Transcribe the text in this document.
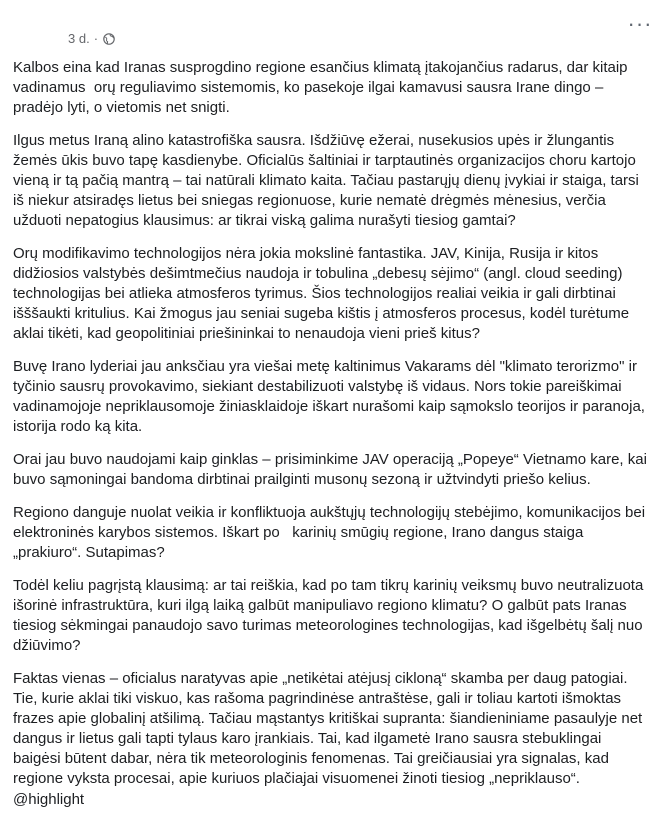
3 d. ·
···

Kalbos eina kad Iranas susprogdino regione esančius klimatą įtakojančius radarus, dar kitaip vadinamus  orų reguliavimo sistemomis, ko pasekoje ilgai kamavusi sausra Irane dingo – pradėjo lyti, o vietomis net snigti.

Ilgus metus Iraną alino katastrofiška sausra. Išdžiūvę ežerai, nusekusios upės ir žlungantis žemės ūkis buvo tapę kasdienybe. Oficialūs šaltiniai ir tarptautinės organizacijos choru kartojo vieną ir tą pačią mantrą – tai natūrali klimato kaita. Tačiau pastarųjų dienų įvykiai ir staiga, tarsi iš niekur atsiradęs lietus bei sniegas regionuose, kurie nematė drėgmės mėnesius, verčia užduoti nepatogius klausimus: ar tikrai viską galima nurašyti tiesiog gamtai?

Orų modifikavimo technologijos nėra jokia mokslinė fantastika. JAV, Kinija, Rusija ir kitos didžiosios valstybės dešimtmečius naudoja ir tobulina „debesų sėjimo“ (angl. cloud seeding) technologijas bei atlieka atmosferos tyrimus. Šios technologijos realiai veikia ir gali dirbtinai išššaukti kritulius. Kai žmogus jau seniai sugeba kištis į atmosferos procesus, kodėl turėtume aklai tikėti, kad geopolitiniai priešininkai to nenaudoja vieni prieš kitus?

Buvę Irano lyderiai jau anksčiau yra viešai metę kaltinimus Vakarams dėl "klimato terorizmo" ir tyčinio sausrų provokavimo, siekiant destabilizuoti valstybę iš vidaus. Nors tokie pareiškimai vadinamojoje nepriklausomoje žiniasklaidoje iškart nurašomi kaip sąmokslo teorijos ir paranoja, istorija rodo ką kita.

Orai jau buvo naudojami kaip ginklas – prisiminkime JAV operaciją „Popeye“ Vietnamo kare, kai buvo sąmoningai bandoma dirbtinai prailginti musonų sezoną ir užtvindyti priešo kelius.

Regiono danguje nuolat veikia ir konfliktuoja aukštųjų technologijų stebėjimo, komunikacijos bei elektroninės karybos sistemos. Iškart po   karinių smūgių regione, Irano dangus staiga „prakiuro“. Sutapimas?

Todėl keliu pagrįstą klausimą: ar tai reiškia, kad po tam tikrų karinių veiksmų buvo neutralizuota išorinė infrastruktūra, kuri ilgą laiką galbūt manipuliavo regiono klimatu? O galbūt pats Iranas tiesiog sėkmingai panaudojo savo turimas meteorologines technologijas, kad išgelbėtų šalį nuo džiūvimo?

Faktas vienas – oficialus naratyvas apie „netikėtai atėjusį cikloną“ skamba per daug patogiai. Tie, kurie aklai tiki viskuo, kas rašoma pagrindinėse antraštėse, gali ir toliau kartoti išmoktas frazes apie globalinį atšilimą. Tačiau mąstantys kritiškai supranta: šiandieniniame pasaulyje net dangus ir lietus gali tapti tylaus karo įrankiais. Tai, kad ilgametė Irano sausra stebuklingai baigėsi būtent dabar, nėra tik meteorologinis fenomenas. Tai greičiausiai yra signalas, kad regione vyksta procesai, apie kuriuos plačiajai visuomenei žinoti tiesiog „nepriklauso“.

@highlight
